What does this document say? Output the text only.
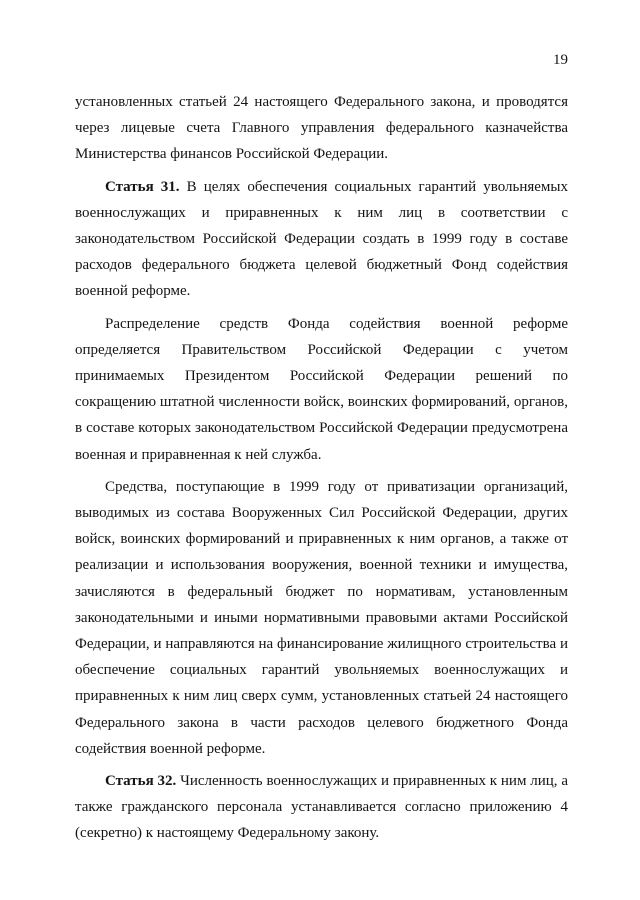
19

установленных статьей 24 настоящего Федерального закона, и проводятся через лицевые счета Главного управления федерального казначейства Министерства финансов Российской Федерации.

Статья 31. В целях обеспечения социальных гарантий увольняемых военнослужащих и приравненных к ним лиц в соответствии с законодательством Российской Федерации создать в 1999 году в составе расходов федерального бюджета целевой бюджетный Фонд содействия военной реформе.

Распределение средств Фонда содействия военной реформе определяется Правительством Российской Федерации с учетом принимаемых Президентом Российской Федерации решений по сокращению штатной численности войск, воинских формирований, органов, в составе которых законодательством Российской Федерации предусмотрена военная и приравненная к ней служба.

Средства, поступающие в 1999 году от приватизации организаций, выводимых из состава Вооруженных Сил Российской Федерации, других войск, воинских формирований и приравненных к ним органов, а также от реализации и использования вооружения, военной техники и имущества, зачисляются в федеральный бюджет по нормативам, установленным законодательными и иными нормативными правовыми актами Российской Федерации, и направляются на финансирование жилищного строительства и обеспечение социальных гарантий увольняемых военнослужащих и приравненных к ним лиц сверх сумм, установленных статьей 24 настоящего Федерального закона в части расходов целевого бюджетного Фонда содействия военной реформе.

Статья 32. Численность военнослужащих и приравненных к ним лиц, а также гражданского персонала устанавливается согласно приложению 4 (секретно) к настоящему Федеральному закону.
